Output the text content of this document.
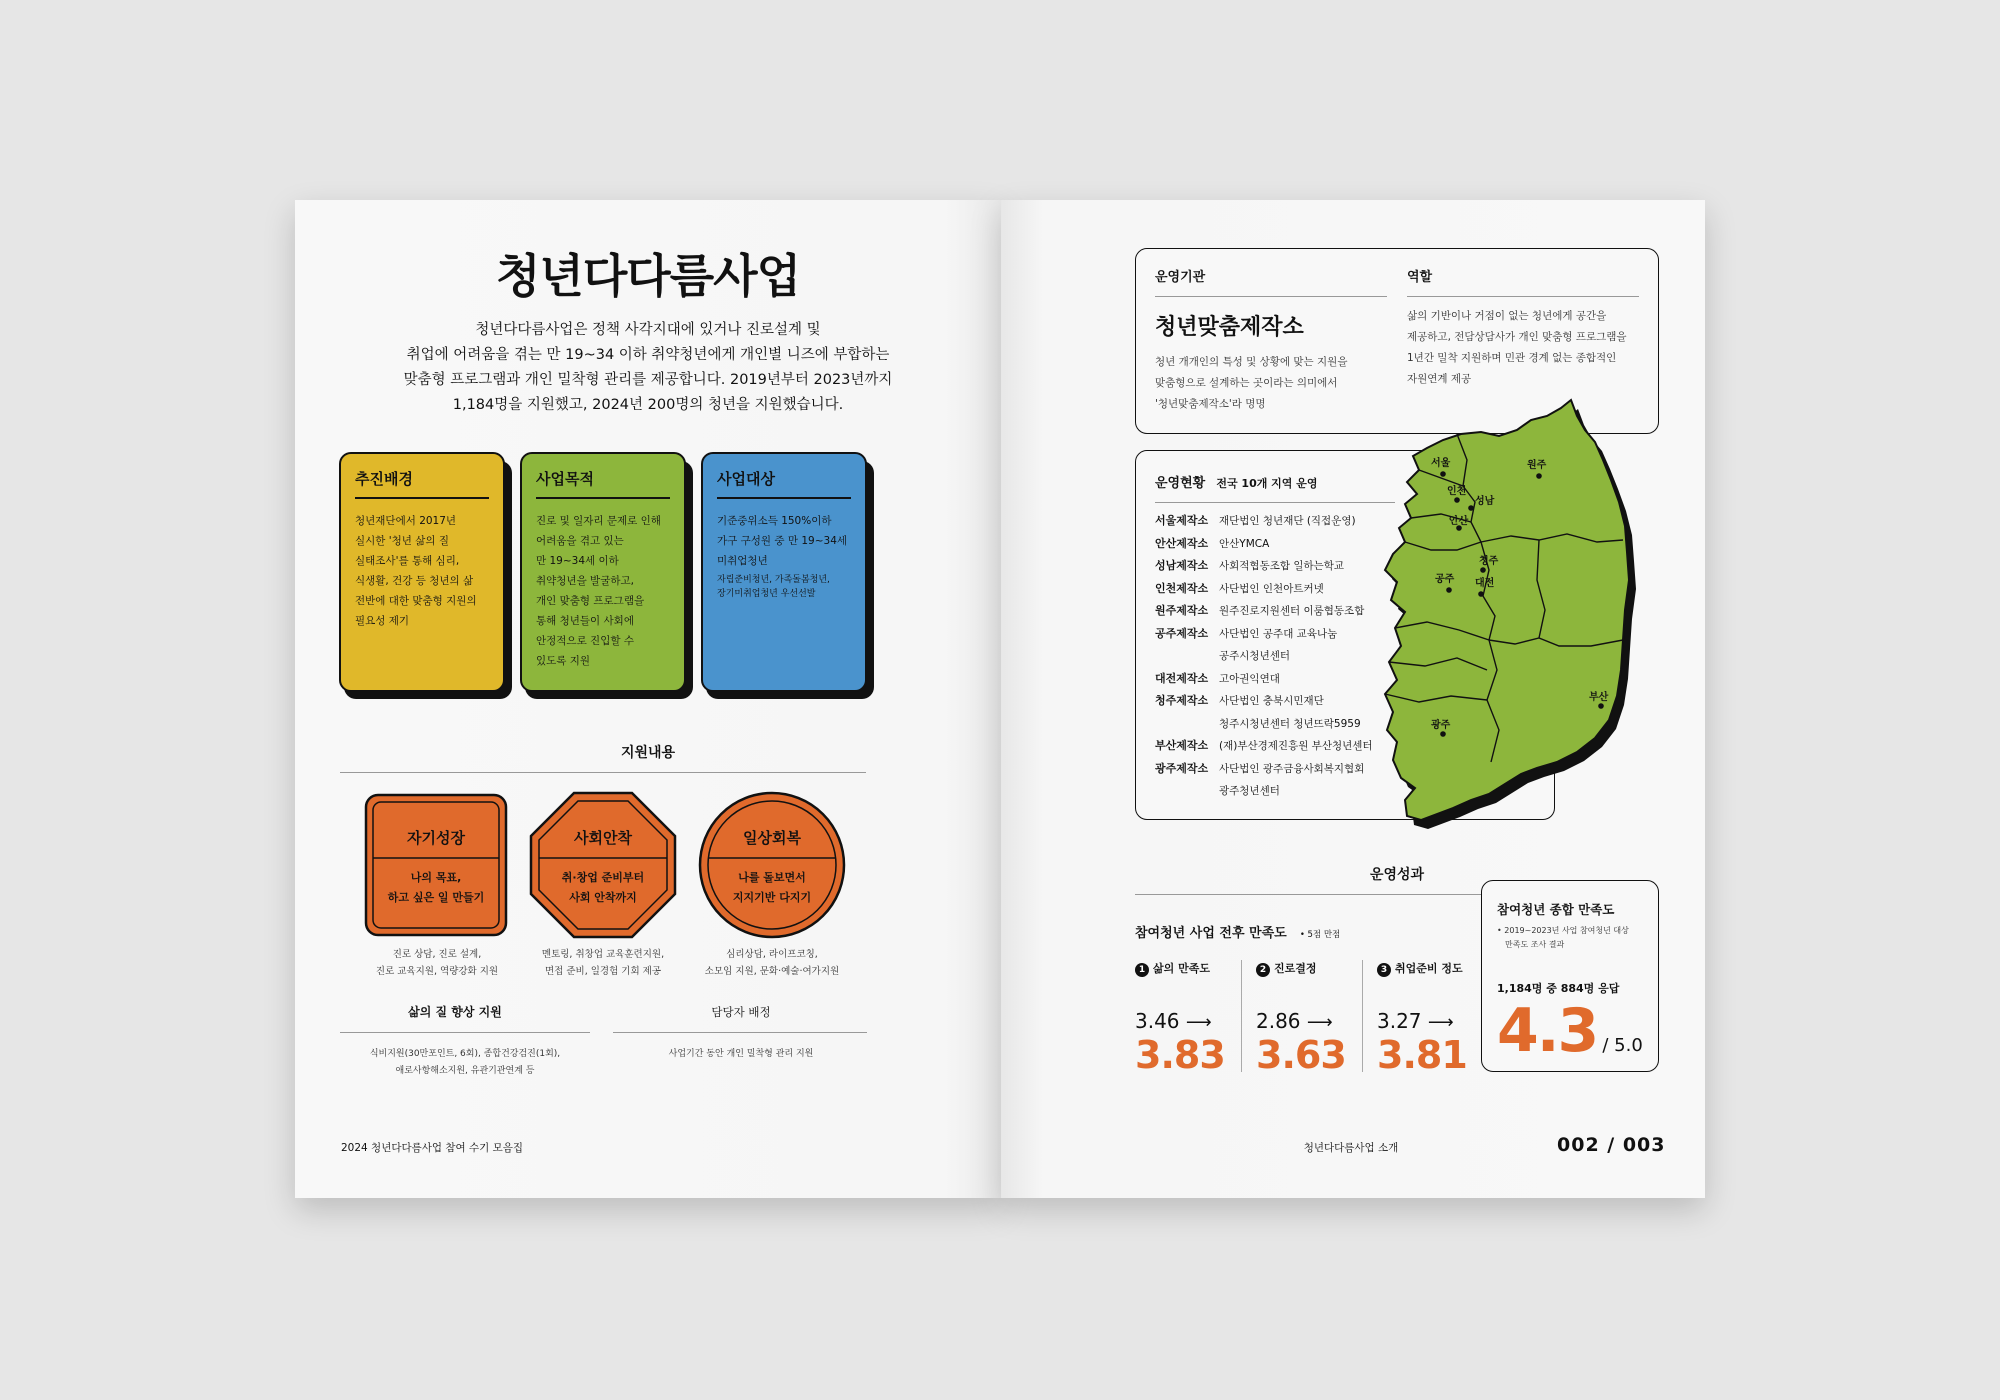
청년다다름사업
청년다다름사업은 정책 사각지대에 있거나 진로설계 및
취업에 어려움을 겪는 만 19~34 이하 취약청년에게 개인별 니즈에 부합하는
맞춤형 프로그램과 개인 밀착형 관리를 제공합니다. 2019년부터 2023년까지
1,184명을 지원했고, 2024년 200명의 청년을 지원했습니다.
추진배경

청년재단에서 2017년
실시한 '청년 삶의 질
실태조사'를 통해 심리,
식생활, 건강 등 청년의 삶
전반에 대한 맞춤형 지원의
필요성 제기

사업목적

진로 및 일자리 문제로 인해
어려움을 겪고 있는
만 19~34세 이하
취약청년을 발굴하고,
개인 맞춤형 프로그램을
통해 청년들이 사회에
안정적으로 진입할 수
있도록 지원

사업대상

기준중위소득 150%이하
가구 구성원 중 만 19~34세
미취업청년

자립준비청년, 가족돌봄청년,
장기미취업청년 우선선발

지원내용
자기성장
나의 목표,
하고 싶은 일 만들기
진로 상담, 진로 설계,
진로 교육지원, 역량강화 지원
사회안착
취·창업 준비부터
사회 안착까지
멘토링, 취창업 교육훈련지원,
면접 준비, 일경험 기회 제공
일상회복
나를 돌보면서
지지기반 다지기
심리상담, 라이프코칭,
소모임 지원, 문화·예술·여가지원
삶의 질 향상 지원
식비지원(30만포인트, 6회), 종합건강검진(1회),
애로사항해소지원, 유관기관연계 등
담당자 배정
사업기간 동안 개인 밀착형 관리 지원
2024 청년다다름사업 참여 수기 모음집
운영기관
청년맞춤제작소
청년 개개인의 특성 및 상황에 맞는 지원을
맞춤형으로 설계하는 곳이라는 의미에서
'청년맞춤제작소'라 명명
역할
삶의 기반이나 거점이 없는 청년에게 공간을
제공하고, 전담상담사가 개인 맞춤형 프로그램을
1년간 밀착 지원하며 민관 경계 없는 종합적인
자원연계 제공
운영현황 전국 10개 지역 운영
서울제작소 재단법인 청년재단 (직접운영)
안산제작소 안산YMCA
성남제작소 사회적협동조합 일하는학교
인천제작소 사단법인 인천아트커넷
원주제작소 원주진로지원센터 이룸협동조합
공주제작소 사단법인 공주대 교육나눔
공주시청년센터
대전제작소 고아권익연대
청주제작소 사단법인 충북시민재단
청주시청년센터 청년뜨락5959
부산제작소 (재)부산경제진흥원 부산청년센터
광주제작소 사단법인 광주금융사회복지협회
광주청년센터
서울	원주
인천
성남
안산
청주
공주 대전
부산
광주
운영성과
참여청년 사업 전후 만족도 • 5점 만점
1 삶의 만족도
3.46 ⟶
3.83
2 진로결정
2.86 ⟶
3.63
3 취업준비 정도
3.27 ⟶
3.81
참여청년 종합 만족도
• 2019~2023년 사업 참여청년 대상
만족도 조사 결과
1,184명 중 884명 응답
4.3 / 5.0
청년다다름사업 소개	002 / 003
